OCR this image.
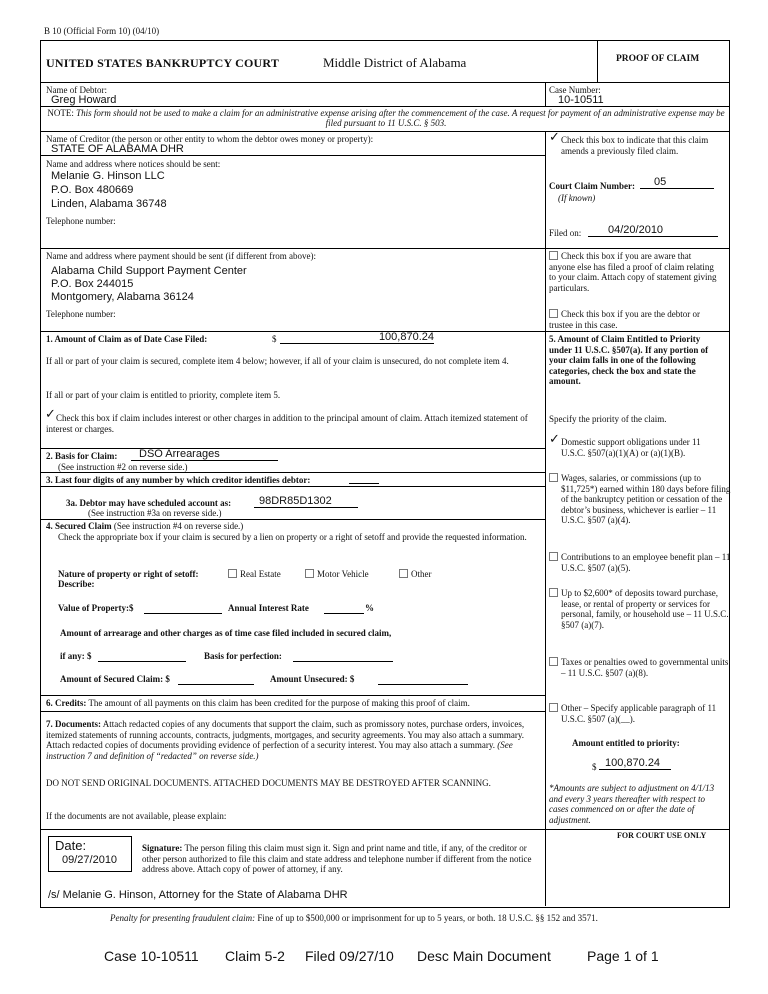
B 10 (Official Form 10) (04/10)
UNITED STATES BANKRUPTCY COURT	Middle District of Alabama	PROOF OF CLAIM
Name of Debtor:
Greg Howard
Case Number:
10-10511
NOTE: This form should not be used to make a claim for an administrative expense arising after the commencement of the case. A request for payment of an administrative expense may be filed pursuant to 11 U.S.C. § 503.
Name of Creditor (the person or other entity to whom the debtor owes money or property):
STATE OF ALABAMA DHR
Name and address where notices should be sent:
Melanie G. Hinson LLC
P.O. Box 480669
Linden, Alabama 36748
Telephone number:
✓ Check this box to indicate that this claim amends a previously filed claim.
Court Claim Number:	05
(If known)
Filed on:	04/20/2010
Name and address where payment should be sent (if different from above):
Alabama Child Support Payment Center
P.O. Box 244015
Montgomery, Alabama 36124
Telephone number:
Check this box if you are aware that anyone else has filed a proof of claim relating to your claim. Attach copy of statement giving particulars.
Check this box if you are the debtor or trustee in this case.
1. Amount of Claim as of Date Case Filed:	$	100,870.24
If all or part of your claim is secured, complete item 4 below; however, if all of your claim is unsecured, do not complete item 4.
If all or part of your claim is entitled to priority, complete item 5.
✓ Check this box if claim includes interest or other charges in addition to the principal amount of claim. Attach itemized statement of interest or charges.
2. Basis for Claim:	DSO Arrearages
(See instruction #2 on reverse side.)
3. Last four digits of any number by which creditor identifies debtor:
3a. Debtor may have scheduled account as:	98DR85D1302
(See instruction #3a on reverse side.)
4. Secured Claim (See instruction #4 on reverse side.)
Check the appropriate box if your claim is secured by a lien on property or a right of setoff and provide the requested information.
Nature of property or right of setoff:	Real Estate	Motor Vehicle	Other
Describe:
Value of Property:$	Annual Interest Rate	%
Amount of arrearage and other charges as of time case filed included in secured claim,
if any: $	Basis for perfection:
Amount of Secured Claim: $	Amount Unsecured: $
5. Amount of Claim Entitled to Priority under 11 U.S.C. §507(a). If any portion of your claim falls in one of the following categories, check the box and state the amount.
Specify the priority of the claim.
✓ Domestic support obligations under 11 U.S.C. §507(a)(1)(A) or (a)(1)(B).
Wages, salaries, or commissions (up to $11,725*) earned within 180 days before filing of the bankruptcy petition or cessation of the debtor’s business, whichever is earlier – 11 U.S.C. §507 (a)(4).
Contributions to an employee benefit plan – 11 U.S.C. §507 (a)(5).
Up to $2,600* of deposits toward purchase, lease, or rental of property or services for personal, family, or household use – 11 U.S.C. §507 (a)(7).
Taxes or penalties owed to governmental units – 11 U.S.C. §507 (a)(8).
Other – Specify applicable paragraph of 11 U.S.C. §507 (a)(__).
Amount entitled to priority:
$ 100,870.24
*Amounts are subject to adjustment on 4/1/13 and every 3 years thereafter with respect to cases commenced on or after the date of adjustment.
6. Credits: The amount of all payments on this claim has been credited for the purpose of making this proof of claim.
7. Documents: Attach redacted copies of any documents that support the claim, such as promissory notes, purchase orders, invoices, itemized statements of running accounts, contracts, judgments, mortgages, and security agreements. You may also attach a summary. Attach redacted copies of documents providing evidence of perfection of a security interest. You may also attach a summary. (See instruction 7 and definition of “redacted” on reverse side.)
DO NOT SEND ORIGINAL DOCUMENTS. ATTACHED DOCUMENTS MAY BE DESTROYED AFTER SCANNING.
If the documents are not available, please explain:
FOR COURT USE ONLY
Date:
09/27/2010
Signature: The person filing this claim must sign it. Sign and print name and title, if any, of the creditor or other person authorized to file this claim and state address and telephone number if different from the notice address above. Attach copy of power of attorney, if any.
/s/ Melanie G. Hinson, Attorney for the State of Alabama DHR
Penalty for presenting fraudulent claim: Fine of up to $500,000 or imprisonment for up to 5 years, or both. 18 U.S.C. §§ 152 and 3571.
Case 10-10511 Claim 5-2 Filed 09/27/10 Desc Main Document	Page 1 of 1
